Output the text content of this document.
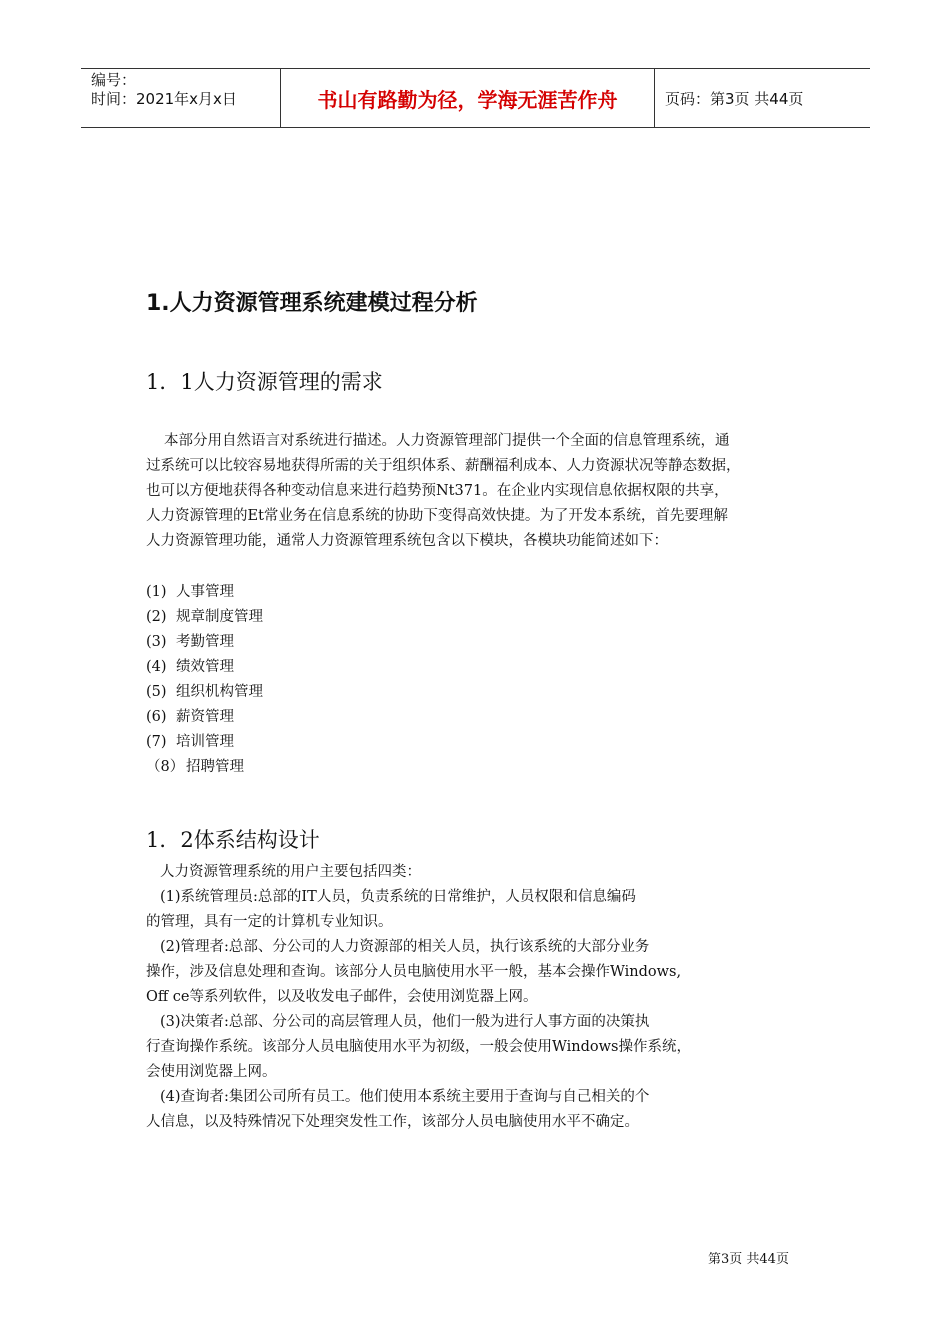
编号：
时间：2021年x月x日	书山有路勤为径，学海无涯苦作舟	页码：第3页 共44页
1.人力资源管理系统建模过程分析
1．1人力资源管理的需求
本部分用自然语言对系统进行描述。人力资源管理部门提供一个全面的信息管理系统，通
过系统可以比较容易地获得所需的关于组织体系、薪酬福利成本、人力资源状况等静态数据，
也可以方便地获得各种变动信息来进行趋势预Nt371。在企业内实现信息依据权限的共享，
人力资源管理的Et常业务在信息系统的协助下变得高效快捷。为了开发本系统，首先要理解
人力资源管理功能，通常人力资源管理系统包含以下模块，各模块功能简述如下：
(1) 人事管理
(2) 规章制度管理
(3) 考勤管理
(4) 绩效管理
(5) 组织机构管理
(6) 薪资管理
(7) 培训管理
（8） 招聘管理
1．2体系结构设计
人力资源管理系统的用户主要包括四类：
(1)系统管理员:总部的IT人员，负责系统的日常维护，人员权限和信息编码
的管理，具有一定的计算机专业知识。
(2)管理者:总部、分公司的人力资源部的相关人员，执行该系统的大部分业务
操作，涉及信息处理和查询。该部分人员电脑使用水平一般，基本会操作Windows,
Off ce等系列软件，以及收发电子邮件，会使用浏览器上网。
(3)决策者:总部、分公司的高层管理人员，他们一般为进行人事方面的决策执
行查询操作系统。该部分人员电脑使用水平为初级，一般会使用Windows操作系统，
会使用浏览器上网。
(4)查询者:集团公司所有员工。他们使用本系统主要用于查询与自己相关的个
人信息，以及特殊情况下处理突发性工作，该部分人员电脑使用水平不确定。
第3页 共44页
